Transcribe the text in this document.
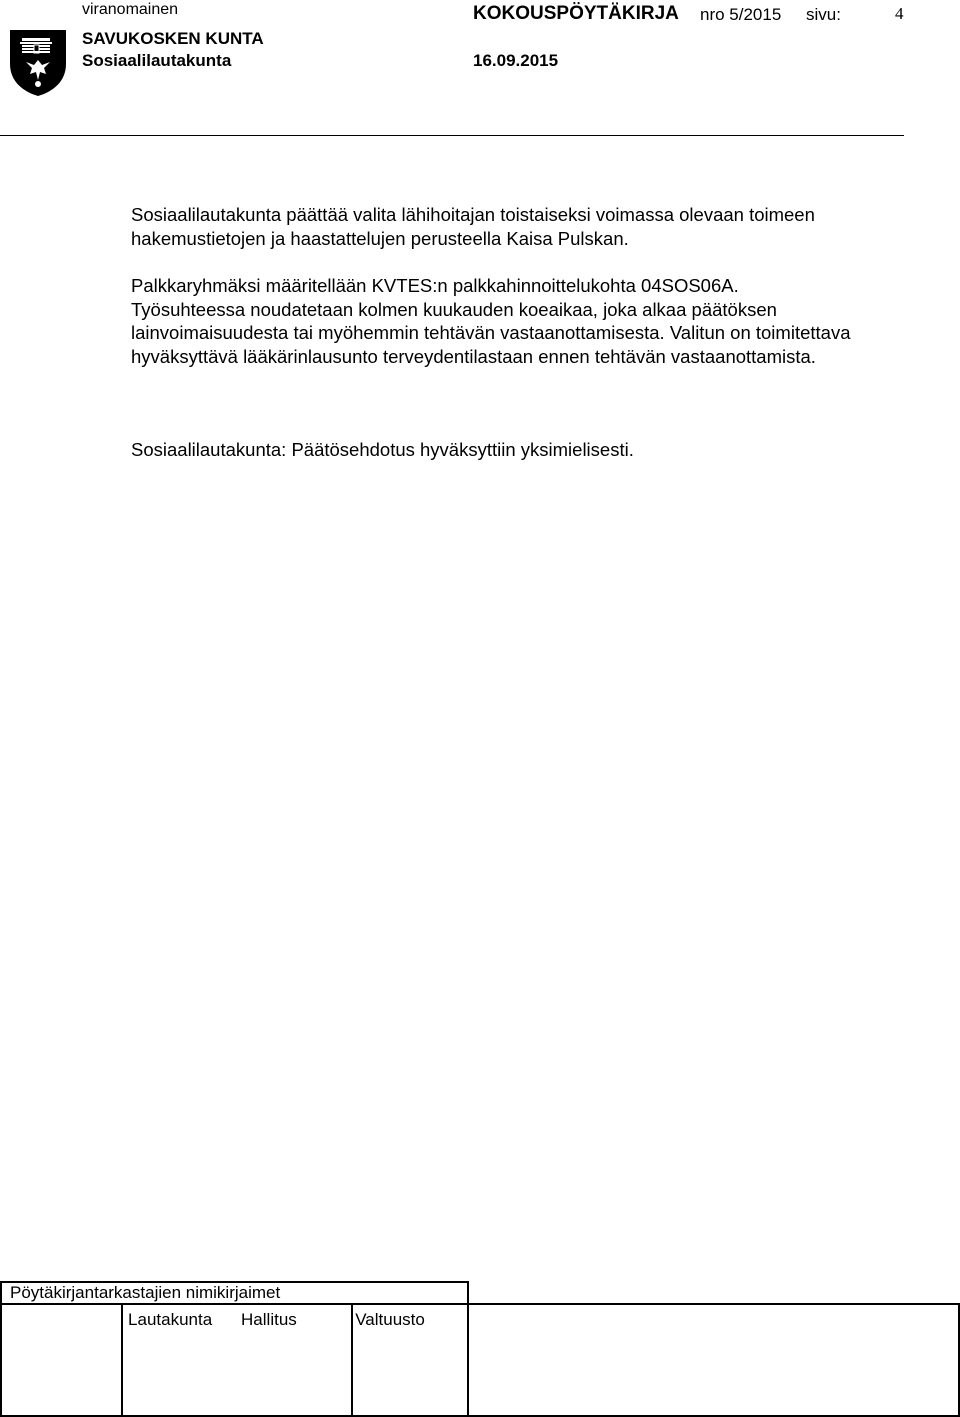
viranomainen	KOKOUSPÖYTÄKIRJA nro 5/2015 sivu:	4
SAVUKOSKEN KUNTA
Sosiaalilautakunta	16.09.2015

Sosiaalilautakunta päättää valita lähihoitajan toistaiseksi voimassa olevaan toimeen hakemustietojen ja haastattelujen perusteella Kaisa Pulskan.

Palkkaryhmäksi määritellään KVTES:n palkkahinnoittelukohta 04SOS06A. Työsuhteessa noudatetaan kolmen kuukauden koeaikaa, joka alkaa päätöksen lainvoimaisuudesta tai myöhemmin tehtävän vastaanottamisesta. Valitun on toimitettava hyväksyttävä lääkärinlausunto terveydentilastaan ennen tehtävän vastaanottamista.

Sosiaalilautakunta: Päätösehdotus hyväksyttiin yksimielisesti.

Pöytäkirjantarkastajien nimikirjaimet			

	Lautakunta Hallitus	Valtuusto	
